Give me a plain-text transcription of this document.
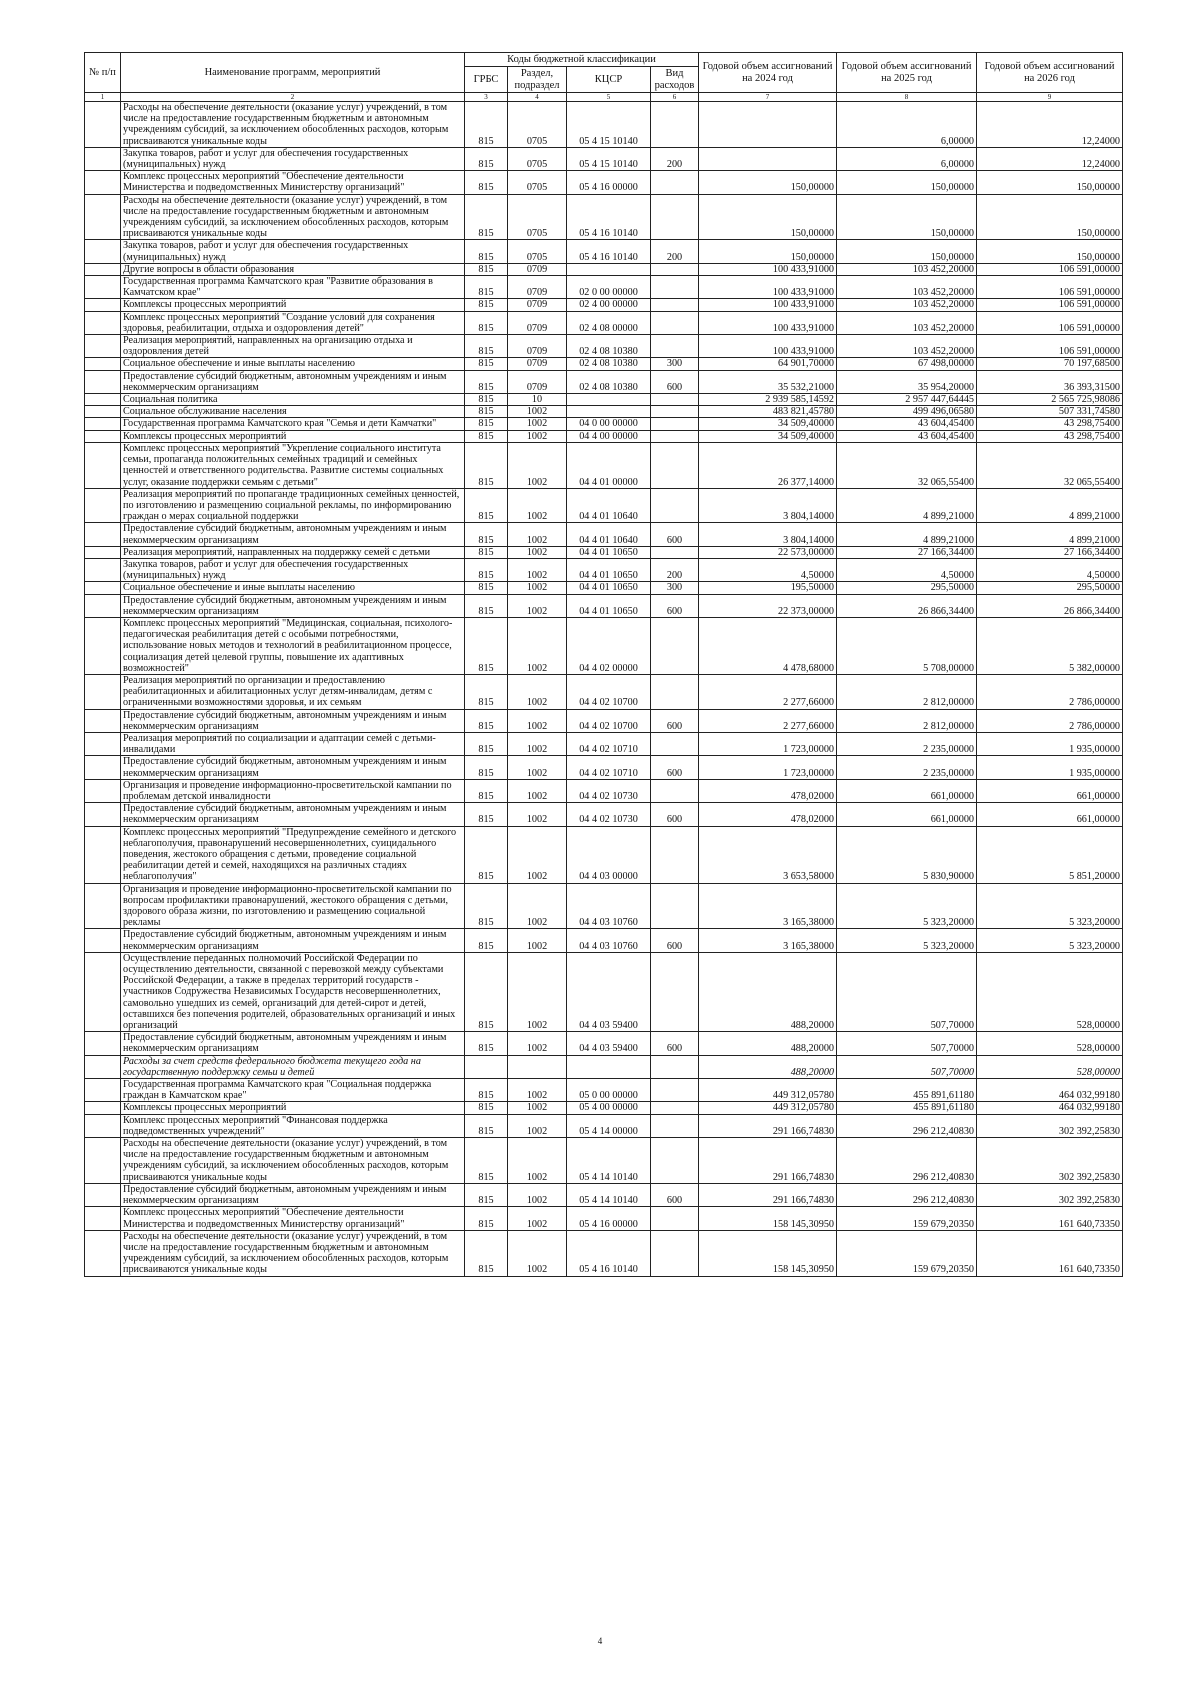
№ п/п	Наименование программ, мероприятий	Коды бюджетной классификации				Годовой объем ассигнований на 2024 год	Годовой объем ассигнований на 2025 год	Годовой объем ассигнований на 2026 год
		ГРБС	Раздел, подраздел	КЦСР	Вид расходов			
1	2	3	4	5	6	7	8	9
	Расходы на обеспечение деятельности (оказание услуг) учреждений, в том числе на предоставление государственным бюджетным и автономным учреждениям субсидий, за исключением обособленных расходов, которым присваиваются уникальные коды	815	0705	05 4 15 10140			6,00000	12,24000
	Закупка товаров, работ и услуг для обеспечения государственных (муниципальных) нужд	815	0705	05 4 15 10140	200		6,00000	12,24000
	Комплекс процессных мероприятий "Обеспечение деятельности Министерства и подведомственных Министерству организаций"	815	0705	05 4 16 00000		150,00000	150,00000	150,00000
	Расходы на обеспечение деятельности (оказание услуг) учреждений, в том числе на предоставление государственным бюджетным и автономным учреждениям субсидий, за исключением обособленных расходов, которым присваиваются уникальные коды	815	0705	05 4 16 10140		150,00000	150,00000	150,00000
	Закупка товаров, работ и услуг для обеспечения государственных (муниципальных) нужд	815	0705	05 4 16 10140	200	150,00000	150,00000	150,00000
	Другие вопросы в области образования	815	0709			100 433,91000	103 452,20000	106 591,00000
	Государственная программа Камчатского края "Развитие образования в Камчатском крае"	815	0709	02 0 00 00000		100 433,91000	103 452,20000	106 591,00000
	Комплексы процессных мероприятий	815	0709	02 4 00 00000		100 433,91000	103 452,20000	106 591,00000
	Комплекс процессных мероприятий "Создание условий для сохранения здоровья, реабилитации, отдыха и оздоровления детей"	815	0709	02 4 08 00000		100 433,91000	103 452,20000	106 591,00000
	Реализация мероприятий, направленных на организацию отдыха и оздоровления детей	815	0709	02 4 08 10380		100 433,91000	103 452,20000	106 591,00000
	Социальное обеспечение и иные выплаты населению	815	0709	02 4 08 10380	300	64 901,70000	67 498,00000	70 197,68500
	Предоставление субсидий бюджетным, автономным учреждениям и иным некоммерческим организациям	815	0709	02 4 08 10380	600	35 532,21000	35 954,20000	36 393,31500
	Социальная политика	815	10			2 939 585,14592	2 957 447,64445	2 565 725,98086
	Социальное обслуживание населения	815	1002			483 821,45780	499 496,06580	507 331,74580
	Государственная программа Камчатского края "Семья и дети Камчатки"	815	1002	04 0 00 00000		34 509,40000	43 604,45400	43 298,75400
	Комплексы процессных мероприятий	815	1002	04 4 00 00000		34 509,40000	43 604,45400	43 298,75400
	Комплекс процессных мероприятий "Укрепление социального института семьи, пропаганда положительных семейных традиций и семейных ценностей и ответственного родительства. Развитие системы социальных услуг, оказание поддержки семьям с детьми"	815	1002	04 4 01 00000		26 377,14000	32 065,55400	32 065,55400
	Реализация мероприятий по пропаганде традиционных семейных ценностей, по изготовлению и размещению социальной рекламы, по информированию граждан о мерах социальной поддержки	815	1002	04 4 01 10640		3 804,14000	4 899,21000	4 899,21000
	Предоставление субсидий бюджетным, автономным учреждениям и иным некоммерческим организациям	815	1002	04 4 01 10640	600	3 804,14000	4 899,21000	4 899,21000
	Реализация мероприятий, направленных на поддержку семей с детьми	815	1002	04 4 01 10650		22 573,00000	27 166,34400	27 166,34400
	Закупка товаров, работ и услуг для обеспечения государственных (муниципальных) нужд	815	1002	04 4 01 10650	200	4,50000	4,50000	4,50000
	Социальное обеспечение и иные выплаты населению	815	1002	04 4 01 10650	300	195,50000	295,50000	295,50000
	Предоставление субсидий бюджетным, автономным учреждениям и иным некоммерческим организациям	815	1002	04 4 01 10650	600	22 373,00000	26 866,34400	26 866,34400
	Комплекс процессных мероприятий "Медицинская, социальная, психолого-педагогическая реабилитация детей с особыми потребностями, использование новых методов и технологий в реабилитационном процессе, социализация детей целевой группы, повышение их адаптивных возможностей"	815	1002	04 4 02 00000		4 478,68000	5 708,00000	5 382,00000
	Реализация мероприятий по организации и предоставлению реабилитационных и абилитационных услуг детям-инвалидам, детям с ограниченными возможностями здоровья, и их семьям	815	1002	04 4 02 10700		2 277,66000	2 812,00000	2 786,00000
	Предоставление субсидий бюджетным, автономным учреждениям и иным некоммерческим организациям	815	1002	04 4 02 10700	600	2 277,66000	2 812,00000	2 786,00000
	Реализация мероприятий по социализации и адаптации семей с детьми-инвалидами	815	1002	04 4 02 10710		1 723,00000	2 235,00000	1 935,00000
	Предоставление субсидий бюджетным, автономным учреждениям и иным некоммерческим организациям	815	1002	04 4 02 10710	600	1 723,00000	2 235,00000	1 935,00000
	Организация и проведение информационно-просветительской кампании по проблемам детской инвалидности	815	1002	04 4 02 10730		478,02000	661,00000	661,00000
	Предоставление субсидий бюджетным, автономным учреждениям и иным некоммерческим организациям	815	1002	04 4 02 10730	600	478,02000	661,00000	661,00000
	Комплекс процессных мероприятий "Предупреждение семейного и детского неблагополучия, правонарушений несовершеннолетних, суицидального поведения, жестокого обращения с детьми, проведение социальной реабилитации детей и семей, находящихся на различных стадиях неблагополучия"	815	1002	04 4 03 00000		3 653,58000	5 830,90000	5 851,20000
	Организация и проведение информационно-просветительской кампании по вопросам профилактики правонарушений, жестокого обращения с детьми, здорового образа жизни, по изготовлению и размещению социальной рекламы	815	1002	04 4 03 10760		3 165,38000	5 323,20000	5 323,20000
	Предоставление субсидий бюджетным, автономным учреждениям и иным некоммерческим организациям	815	1002	04 4 03 10760	600	3 165,38000	5 323,20000	5 323,20000
	Осуществление переданных полномочий Российской Федерации по осуществлению деятельности, связанной с перевозкой между субъектами Российской Федерации, а также в пределах территорий государств - участников Содружества Независимых Государств несовершеннолетних, самовольно ушедших из семей, организаций для детей-сирот и детей, оставшихся без попечения родителей, образовательных организаций и иных организаций	815	1002	04 4 03 59400		488,20000	507,70000	528,00000
	Предоставление субсидий бюджетным, автономным учреждениям и иным некоммерческим организациям	815	1002	04 4 03 59400	600	488,20000	507,70000	528,00000
	Расходы за счет средств федерального бюджета текущего года на государственную поддержку семьи и детей					488,20000	507,70000	528,00000
	Государственная программа Камчатского края "Социальная поддержка граждан в Камчатском крае"	815	1002	05 0 00 00000		449 312,05780	455 891,61180	464 032,99180
	Комплексы процессных мероприятий	815	1002	05 4 00 00000		449 312,05780	455 891,61180	464 032,99180
	Комплекс процессных мероприятий "Финансовая поддержка подведомственных учреждений"	815	1002	05 4 14 00000		291 166,74830	296 212,40830	302 392,25830
	Расходы на обеспечение деятельности (оказание услуг) учреждений, в том числе на предоставление государственным бюджетным и автономным учреждениям субсидий, за исключением обособленных расходов, которым присваиваются уникальные коды	815	1002	05 4 14 10140		291 166,74830	296 212,40830	302 392,25830
	Предоставление субсидий бюджетным, автономным учреждениям и иным некоммерческим организациям	815	1002	05 4 14 10140	600	291 166,74830	296 212,40830	302 392,25830
	Комплекс процессных мероприятий "Обеспечение деятельности Министерства и подведомственных Министерству организаций"	815	1002	05 4 16 00000		158 145,30950	159 679,20350	161 640,73350
	Расходы на обеспечение деятельности (оказание услуг) учреждений, в том числе на предоставление государственным бюджетным и автономным учреждениям субсидий, за исключением обособленных расходов, которым присваиваются уникальные коды	815	1002	05 4 16 10140		158 145,30950	159 679,20350	161 640,73350
4
